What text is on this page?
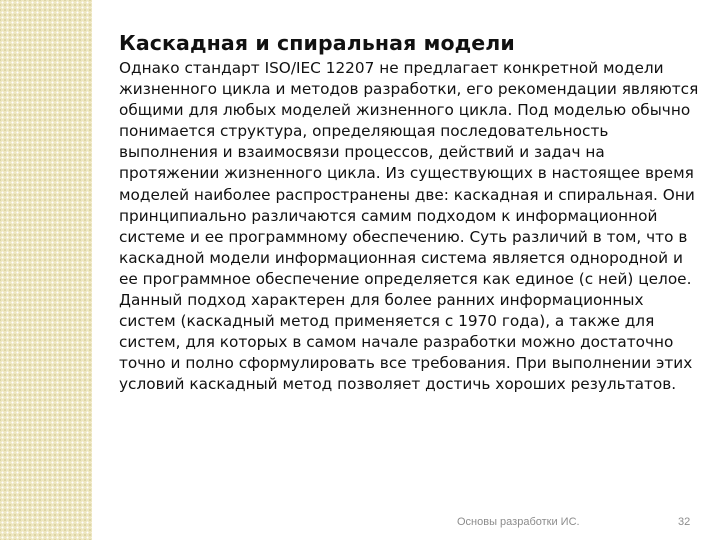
Каскадная и спиральная модели

Однако стандарт ISO/IEC 12207 не предлагает конкретной модели жизненного цикла и методов разработки, его рекомендации являются общими для любых моделей жизненного цикла. Под моделью обычно понимается структура, определяющая последовательность выполнения и взаимосвязи процессов, действий и задач на протяжении жизненного цикла. Из существующих в настоящее время моделей наиболее распространены две: каскадная и спиральная. Они принципиально различаются самим подходом к информационной системе и ее программному обеспечению. Суть различий в том, что в каскадной модели информационная система является однородной и ее программное обеспечение определяется как единое (с ней) целое. Данный подход характерен для более ранних информационных систем (каскадный метод применяется с 1970 года), а также для систем, для которых в самом начале разработки можно достаточно точно и полно сформулировать все требования. При выполнении этих условий каскадный метод позволяет достичь хороших результатов.

Основы разработки ИС.	32
